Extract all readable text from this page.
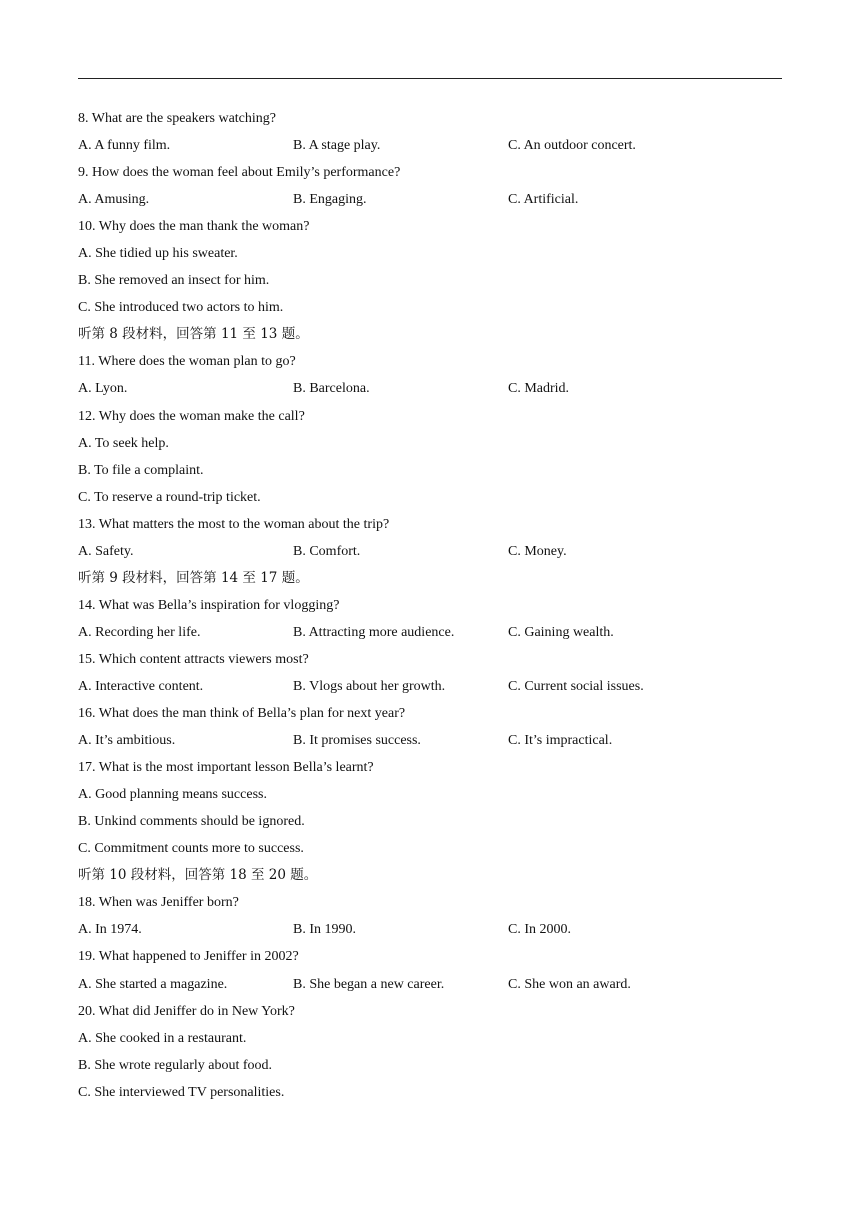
8. What are the speakers watching?
A. A funny film.	B. A stage play.	C. An outdoor concert.
9. How does the woman feel about Emily’s performance?
A. Amusing.	B. Engaging.	C. Artificial.
10. Why does the man thank the woman?
A. She tidied up his sweater.
B. She removed an insect for him.
C. She introduced two actors to him.
听第 8 段材料，回答第 11 至 13 题。
11. Where does the woman plan to go?
A. Lyon.	B. Barcelona.	C. Madrid.
12. Why does the woman make the call?
A. To seek help.
B. To file a complaint.
C. To reserve a round-trip ticket.
13. What matters the most to the woman about the trip?
A. Safety.	B. Comfort.	C. Money.
听第 9 段材料，回答第 14 至 17 题。
14. What was Bella’s inspiration for vlogging?
A. Recording her life.	B. Attracting more audience.	C. Gaining wealth.
15. Which content attracts viewers most?
A. Interactive content.	B. Vlogs about her growth.	C. Current social issues.
16. What does the man think of Bella’s plan for next year?
A. It’s ambitious.	B. It promises success.	C. It’s impractical.
17. What is the most important lesson Bella’s learnt?
A. Good planning means success.
B. Unkind comments should be ignored.
C. Commitment counts more to success.
听第 10 段材料，回答第 18 至 20 题。
18. When was Jeniffer born?
A. In 1974.	B. In 1990.	C. In 2000.
19. What happened to Jeniffer in 2002?
A. She started a magazine.	B. She began a new career.	C. She won an award.
20. What did Jeniffer do in New York?
A. She cooked in a restaurant.
B. She wrote regularly about food.
C. She interviewed TV personalities.
